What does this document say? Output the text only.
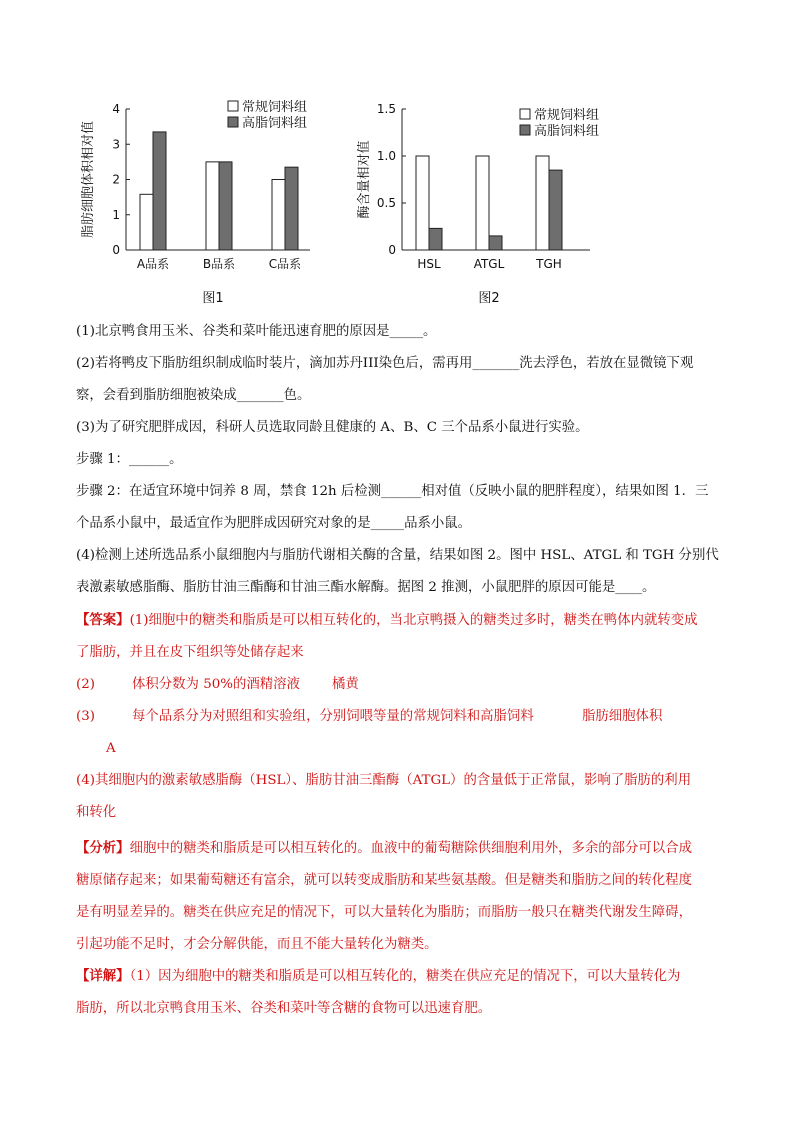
脂肪细胞体积相对值
0
1
2
3
4
A品系	B品系	C品系
常规饲料组
高脂饲料组
图1
酶含量相对值
0
0.5
1.0
1.5
HSL	ATGL	TGH
常规饲料组
高脂饲料组
图2
(1)北京鸭食用玉米、谷类和菜叶能迅速育肥的原因是_____。
(2)若将鸭皮下脂肪组织制成临时装片，滴加苏丹III染色后，需再用_______洗去浮色，若放在显微镜下观
察，会看到脂肪细胞被染成_______色。
(3)为了研究肥胖成因，科研人员选取同龄且健康的 A、B、C 三个品系小鼠进行实验。
步骤 1：______。
步骤 2：在适宜环境中饲养 8 周，禁食 12h 后检测______相对值（反映小鼠的肥胖程度），结果如图 1．三
个品系小鼠中，最适宜作为肥胖成因研究对象的是_____品系小鼠。
(4)检测上述所选品系小鼠细胞内与脂肪代谢相关酶的含量，结果如图 2。图中 HSL、ATGL 和 TGH 分别代
表激素敏感脂酶、脂肪甘油三酯酶和甘油三酯水解酶。据图 2 推测，小鼠肥胖的原因可能是____。
【答案】(1)细胞中的糖类和脂质是可以相互转化的，当北京鸭摄入的糖类过多时，糖类在鸭体内就转变成
了脂肪，并且在皮下组织等处储存起来
(2)	体积分数为 50%的酒精溶液 橘黄
(3)	每个品系分为对照组和实验组，分别饲喂等量的常规饲料和高脂饲料	脂肪细胞体积
A
(4)其细胞内的激素敏感脂酶（HSL）、脂肪甘油三酯酶（ATGL）的含量低于正常鼠，影响了脂肪的利用
和转化
【分析】细胞中的糖类和脂质是可以相互转化的。血液中的葡萄糖除供细胞利用外，多余的部分可以合成
糖原储存起来；如果葡萄糖还有富余，就可以转变成脂肪和某些氨基酸。但是糖类和脂肪之间的转化程度
是有明显差异的。糖类在供应充足的情况下，可以大量转化为脂肪；而脂肪一般只在糖类代谢发生障碍，
引起功能不足时，才会分解供能，而且不能大量转化为糖类。
【详解】（1）因为细胞中的糖类和脂质是可以相互转化的，糖类在供应充足的情况下，可以大量转化为
脂肪，所以北京鸭食用玉米、谷类和菜叶等含糖的食物可以迅速育肥。
